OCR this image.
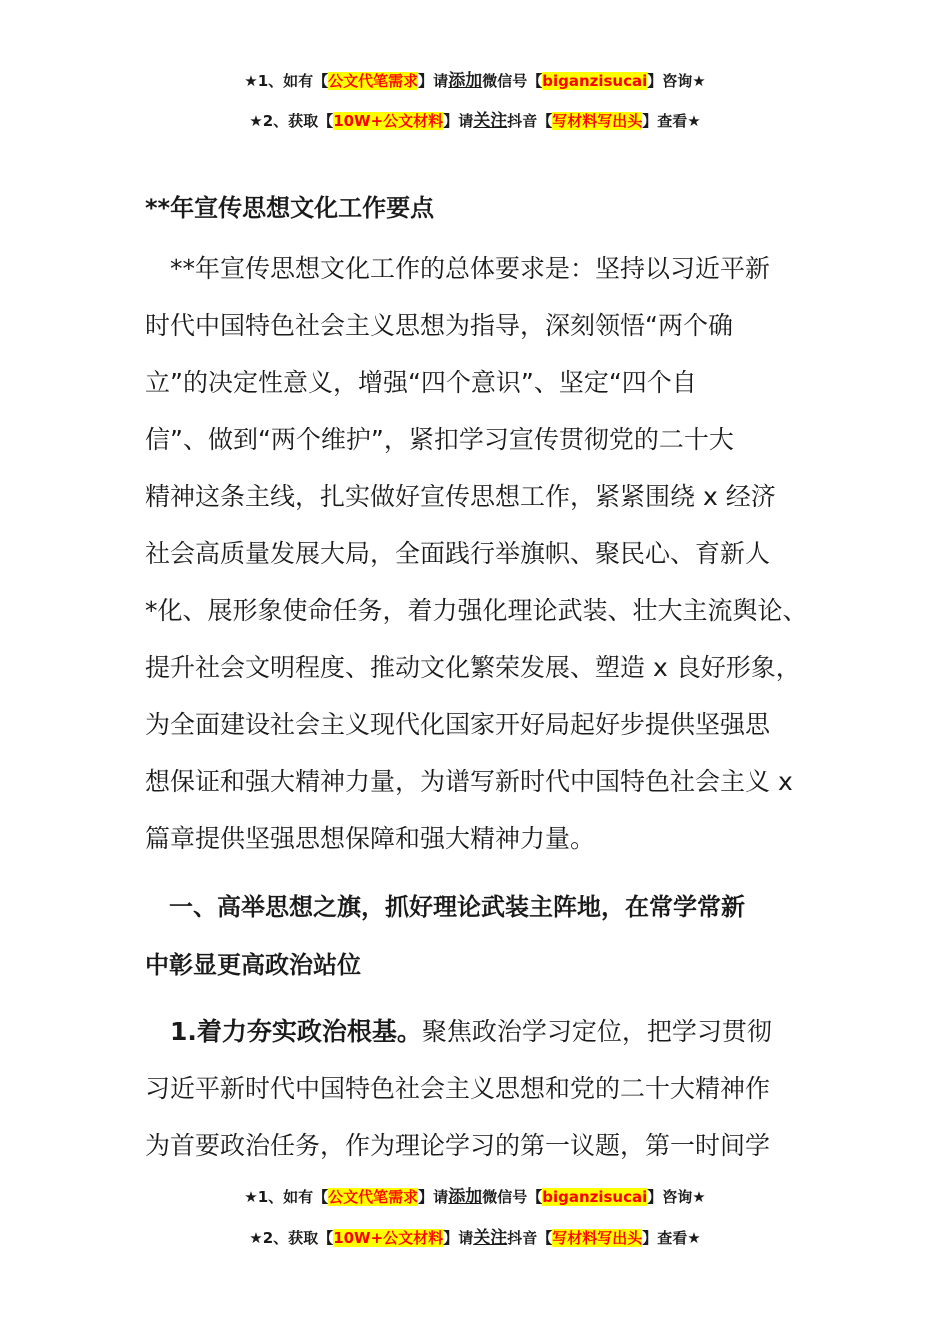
★1、如有【公文代笔需求】请添加微信号【biganzisucai】咨询★
★2、获取【10W+公文材料】请关注抖音【写材料写出头】查看★
**年宣传思想文化工作要点

　**年宣传思想文化工作的总体要求是：坚持以习近平新

时代中国特色社会主义思想为指导，深刻领悟“两个确

立”的决定性意义，增强“四个意识”、坚定“四个自

信”、做到“两个维护”，紧扣学习宣传贯彻党的二十大

精神这条主线，扎实做好宣传思想工作，紧紧围绕 x 经济

社会高质量发展大局，全面践行举旗帜、聚民心、育新人

*化、展形象使命任务，着力强化理论武装、壮大主流舆论、

提升社会文明程度、推动文化繁荣发展、塑造 x 良好形象，

为全面建设社会主义现代化国家开好局起好步提供坚强思

想保证和强大精神力量，为谱写新时代中国特色社会主义 x

篇章提供坚强思想保障和强大精神力量。

　一、高举思想之旗，抓好理论武装主阵地，在常学常新

中彰显更高政治站位

　1.着力夯实政治根基。聚焦政治学习定位，把学习贯彻

习近平新时代中国特色社会主义思想和党的二十大精神作

为首要政治任务，作为理论学习的第一议题，第一时间学

★1、如有【公文代笔需求】请添加微信号【biganzisucai】咨询★
★2、获取【10W+公文材料】请关注抖音【写材料写出头】查看★
